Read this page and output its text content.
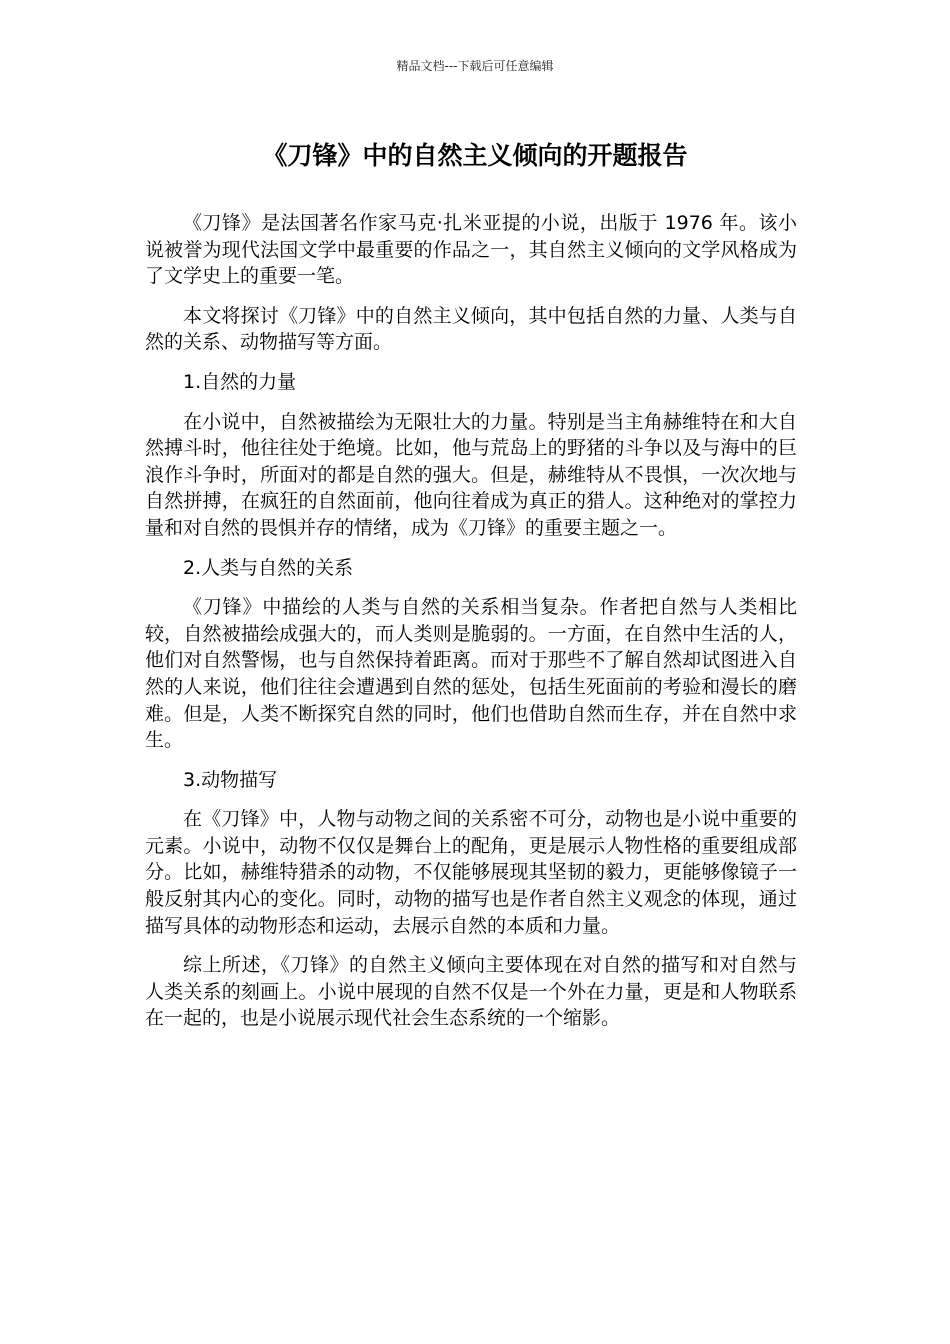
精品文档---下载后可任意编辑
《刀锋》中的自然主义倾向的开题报告

《刀锋》是法国著名作家马克·扎米亚提的小说，出版于 1976 年。该小说被誉为现代法国文学中最重要的作品之一，其自然主义倾向的文学风格成为了文学史上的重要一笔。

本文将探讨《刀锋》中的自然主义倾向，其中包括自然的力量、人类与自然的关系、动物描写等方面。

1.自然的力量

在小说中，自然被描绘为无限壮大的力量。特别是当主角赫维特在和大自然搏斗时，他往往处于绝境。比如，他与荒岛上的野猪的斗争以及与海中的巨浪作斗争时，所面对的都是自然的强大。但是，赫维特从不畏惧，一次次地与自然拼搏，在疯狂的自然面前，他向往着成为真正的猎人。这种绝对的掌控力量和对自然的畏惧并存的情绪，成为《刀锋》的重要主题之一。

2.人类与自然的关系

《刀锋》中描绘的人类与自然的关系相当复杂。作者把自然与人类相比较，自然被描绘成强大的，而人类则是脆弱的。一方面，在自然中生活的人，他们对自然警惕，也与自然保持着距离。而对于那些不了解自然却试图进入自然的人来说，他们往往会遭遇到自然的惩处，包括生死面前的考验和漫长的磨难。但是，人类不断探究自然的同时，他们也借助自然而生存，并在自然中求生。

3.动物描写

在《刀锋》中，人物与动物之间的关系密不可分，动物也是小说中重要的元素。小说中，动物不仅仅是舞台上的配角，更是展示人物性格的重要组成部分。比如，赫维特猎杀的动物，不仅能够展现其坚韧的毅力，更能够像镜子一般反射其内心的变化。同时，动物的描写也是作者自然主义观念的体现，通过描写具体的动物形态和运动，去展示自然的本质和力量。

综上所述，《刀锋》的自然主义倾向主要体现在对自然的描写和对自然与人类关系的刻画上。小说中展现的自然不仅是一个外在力量，更是和人物联系在一起的，也是小说展示现代社会生态系统的一个缩影。
